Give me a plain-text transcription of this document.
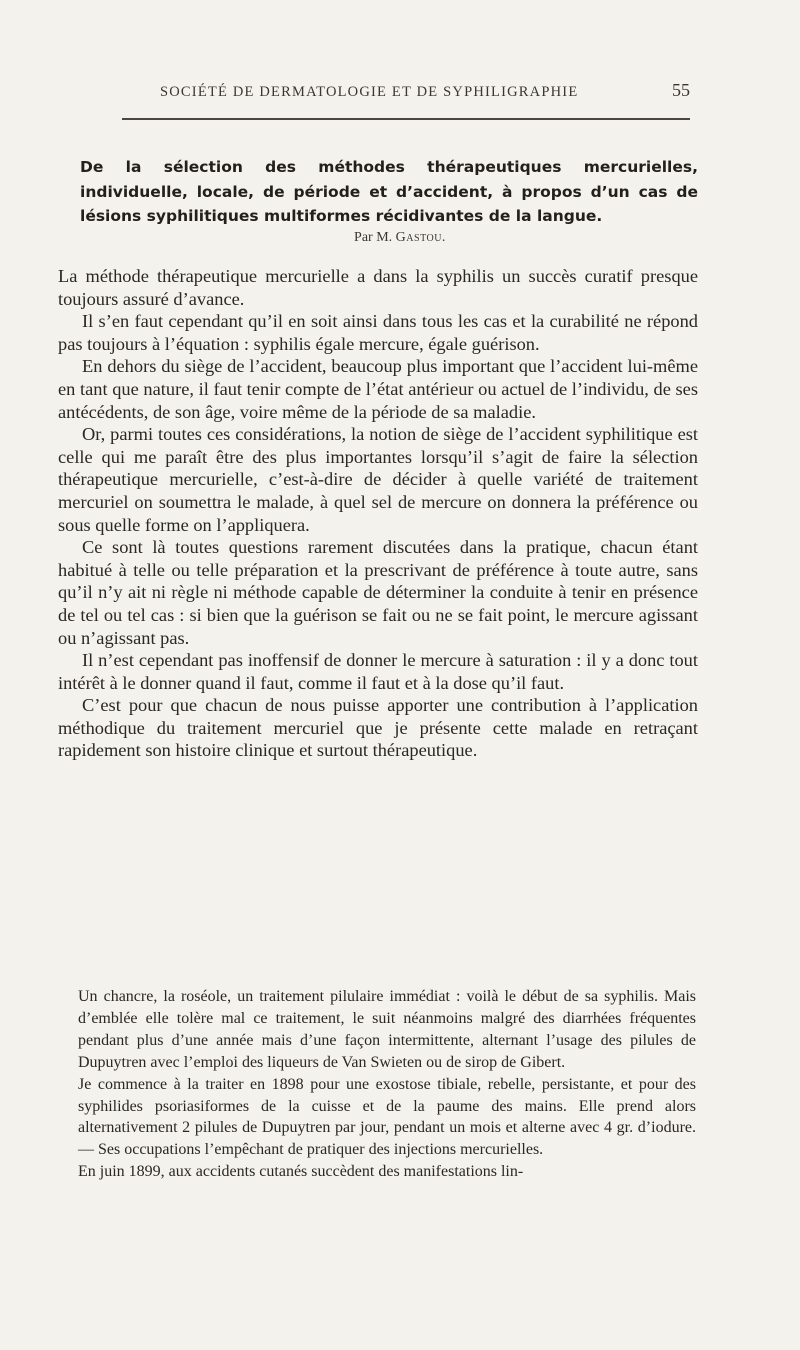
SOCIÉTÉ DE DERMATOLOGIE ET DE SYPHILIGRAPHIE	55
De la sélection des méthodes thérapeutiques mercurielles, individuelle, locale, de période et d’accident, à propos d’un cas de lésions syphilitiques multiformes récidivantes de la langue.
Par M. Gastou.

La méthode thérapeutique mercurielle a dans la syphilis un succès curatif presque toujours assuré d’avance.

Il s’en faut cependant qu’il en soit ainsi dans tous les cas et la curabilité ne répond pas toujours à l’équation : syphilis égale mercure, égale guérison.

En dehors du siège de l’accident, beaucoup plus important que l’accident lui-même en tant que nature, il faut tenir compte de l’état antérieur ou actuel de l’individu, de ses antécédents, de son âge, voire même de la période de sa maladie.

Or, parmi toutes ces considérations, la notion de siège de l’accident syphilitique est celle qui me paraît être des plus importantes lorsqu’il s’agit de faire la sélection thérapeutique mercurielle, c’est-à-dire de décider à quelle variété de traitement mercuriel on soumettra le malade, à quel sel de mercure on donnera la préférence ou sous quelle forme on l’appliquera.

Ce sont là toutes questions rarement discutées dans la pratique, chacun étant habitué à telle ou telle préparation et la prescrivant de préférence à toute autre, sans qu’il n’y ait ni règle ni méthode capable de déterminer la conduite à tenir en présence de tel ou tel cas : si bien que la guérison se fait ou ne se fait point, le mercure agissant ou n’agissant pas.

Il n’est cependant pas inoffensif de donner le mercure à saturation : il y a donc tout intérêt à le donner quand il faut, comme il faut et à la dose qu’il faut.

C’est pour que chacun de nous puisse apporter une contribution à l’application méthodique du traitement mercuriel que je présente cette malade en retraçant rapidement son histoire clinique et surtout thérapeutique.

Un chancre, la roséole, un traitement pilulaire immédiat : voilà le début de sa syphilis. Mais d’emblée elle tolère mal ce traitement, le suit néanmoins malgré des diarrhées fréquentes pendant plus d’une année mais d’une façon intermittente, alternant l’usage des pilules de Dupuytren avec l’emploi des liqueurs de Van Swieten ou de sirop de Gibert.

Je commence à la traiter en 1898 pour une exostose tibiale, rebelle, persistante, et pour des syphilides psoriasiformes de la cuisse et de la paume des mains. Elle prend alors alternativement 2 pilules de Dupuytren par jour, pendant un mois et alterne avec 4 gr. d’iodure. — Ses occupations l’empêchant de pratiquer des injections mercurielles.

En juin 1899, aux accidents cutanés succèdent des manifestations lin-
